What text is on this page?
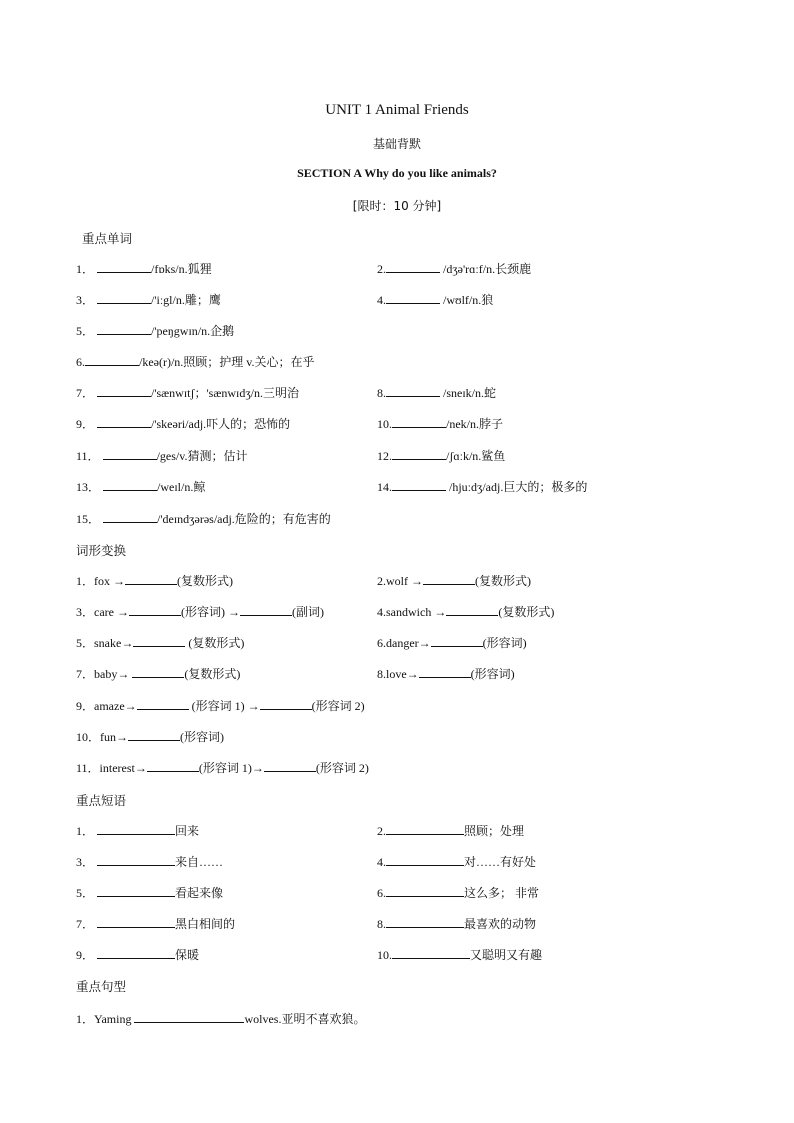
UNIT 1 Animal Friends
基础背默
SECTION A Why do you like animals?
[限时：10 分钟]
重点单词
词形变换
重点短语
重点句型
1．	/fɒks/n.狐狸	2.	/dʒə'rɑːf/n.长颈鹿
3．	/'iːgl/n.雕；鹰	4.	/wʊlf/n.狼
5．	/'peŋgwɪn/n.企鹅
6.	/keə(r)/n.照顾；护理 v.关心；在乎
7．	/'sænwɪtʃ；'sænwɪdʒ/n.三明治	8.	/sneɪk/n.蛇
9．	/'skeəri/adj.吓人的；恐怖的	10.	/nek/n.脖子
11．	/ges/v.猜测；估计	12.	/ʃɑːk/n.鲨鱼
13．	/weɪl/n.鲸	14.	/hjuːdʒ/adj.巨大的；极多的
15．	/'deɪndʒərəs/adj.危险的；有危害的
1．fox →	(复数形式)	2.wolf →	(复数形式)
3．care →	(形容词) →	(副词)	4.sandwich →	(复数形式)
5．snake→	(复数形式)	6.danger→	(形容词)
7．baby→	(复数形式)	8.love→	(形容词)
9．amaze→	(形容词 1) →	(形容词 2)
10．fun→	(形容词)
11．interest→	(形容词 1)→	(形容词 2)
1．	回来	2.	照顾；处理
3．	来自……	4.	对……有好处
5．	看起来像	6.	这么多； 非常
7．	黑白相间的	8.	最喜欢的动物
9．	保暖	10.	又聪明又有趣
1．Yaming	wolves.亚明不喜欢狼。
